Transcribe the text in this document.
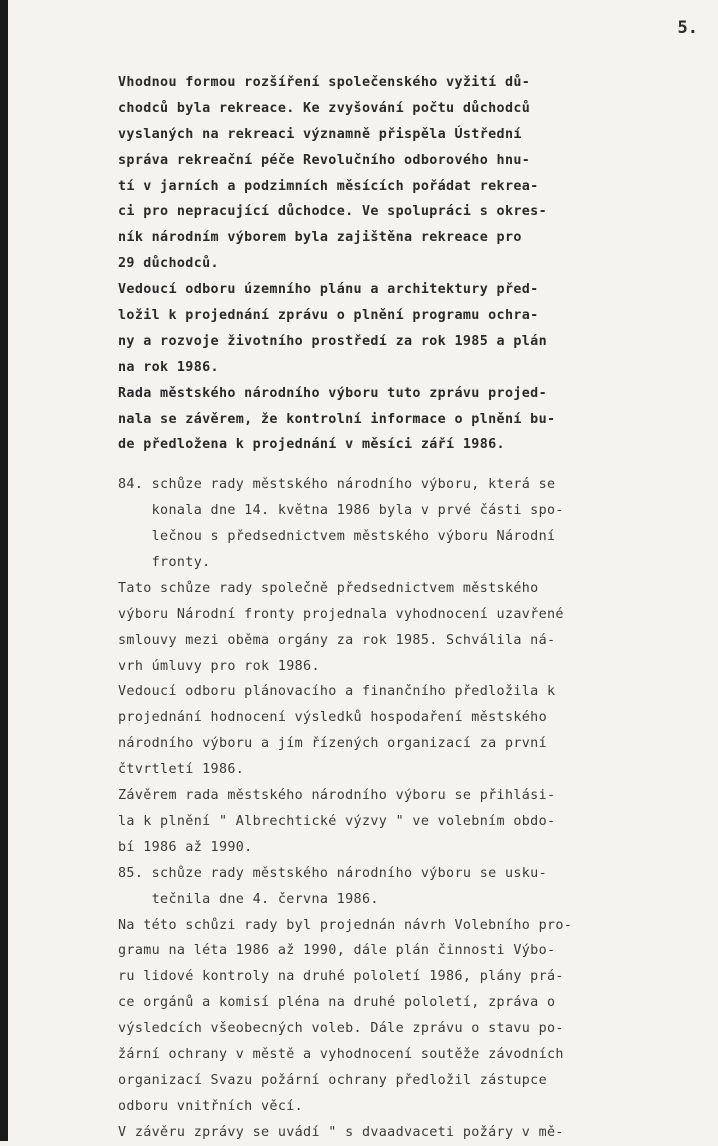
5.
Vhodnou formou rozšíření společenského vyžití dů-
chodců byla rekreace. Ke zvyšování počtu důchodců
vyslaných na rekreaci významně přispěla Ústřední
správa rekreační péče Revolučního odborového hnu-
tí v jarních a podzimních měsících pořádat rekrea-
ci pro nepracující důchodce. Ve spolupráci s okres-
ník národním výborem byla zajištěna rekreace pro
29 důchodců.
Vedoucí odboru územního plánu a architektury před-
ložil k projednání zprávu o plnění programu ochra-
ny a rozvoje životního prostředí za rok 1985 a plán
na rok 1986.
Rada městského národního výboru tuto zprávu projed-
nala se závěrem, že kontrolní informace o plnění bu-
de předložena k projednání v měsíci září 1986.
84. schůze rady městského národního výboru, která se
konala dne 14. května 1986 byla v prvé části spo-
lečnou s předsednictvem městského výboru Národní
fronty.
Tato schůze rady společně předsednictvem městského
výboru Národní fronty projednala vyhodnocení uzavřené
smlouvy mezi oběma orgány za rok 1985. Schválila ná-
vrh úmluvy pro rok 1986.
Vedoucí odboru plánovacího a finančního předložila k
projednání hodnocení výsledků hospodaření městského
národního výboru a jím řízených organizací za první
čtvrtletí 1986.
Závěrem rada městského národního výboru se přihlási-
la k plnění " Albrechtické výzvy " ve volebním obdo-
bí 1986 až 1990.
85. schůze rady městského národního výboru se usku-
tečnila dne 4. června 1986.
Na této schůzi rady byl projednán návrh Volebního pro-
gramu na léta 1986 až 1990, dále plán činnosti Výbo-
ru lidové kontroly na druhé pololetí 1986, plány prá-
ce orgánů a komisí pléna na druhé pololetí, zpráva o
výsledcích všeobecných voleb. Dále zprávu o stavu po-
žární ochrany v městě a vyhodnocení soutěže závodních
organizací Svazu požární ochrany předložil zástupce
odboru vnitřních věcí.
V závěru zprávy se uvádí " s dvaadvaceti požáry v mě-
